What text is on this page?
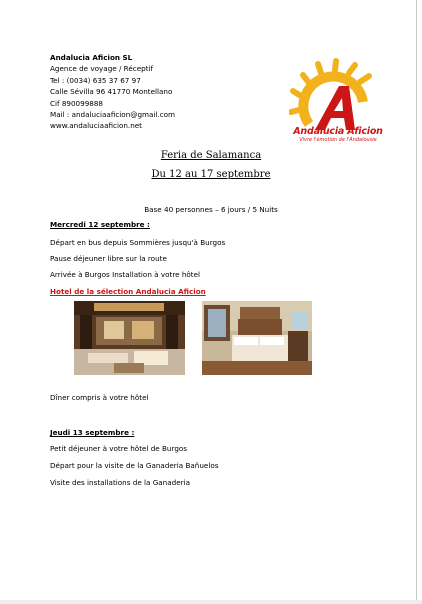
Andalucia Aficion SL
Agence de voyage / Réceptif
Tel : (0034) 635 37 67 97
Calle Sévilla 96 41770 Montellano
Cif 890099888
Mail : andaluciaaficion@gmail.com
www.andaluciaaficion.net
Andalucia Aficion
Vivre l'émotion de l'Andalousie
Feria de Salamanca
Du 12 au 17 septembre
Base 40 personnes – 6 jours / 5 Nuits
Mercredi 12 septembre :
Départ en bus depuis Sommières jusqu'à Burgos
Pause déjeuner libre sur la route
Arrivée à Burgos Installation à votre hôtel
Hotel de la sélection Andalucia Aficion
Dîner compris à votre hôtel
Jeudi 13 septembre :
Petit déjeuner à votre hôtel de Burgos
Départ pour la visite de la Ganaderia Bañuelos
Visite des installations de la Ganaderia
